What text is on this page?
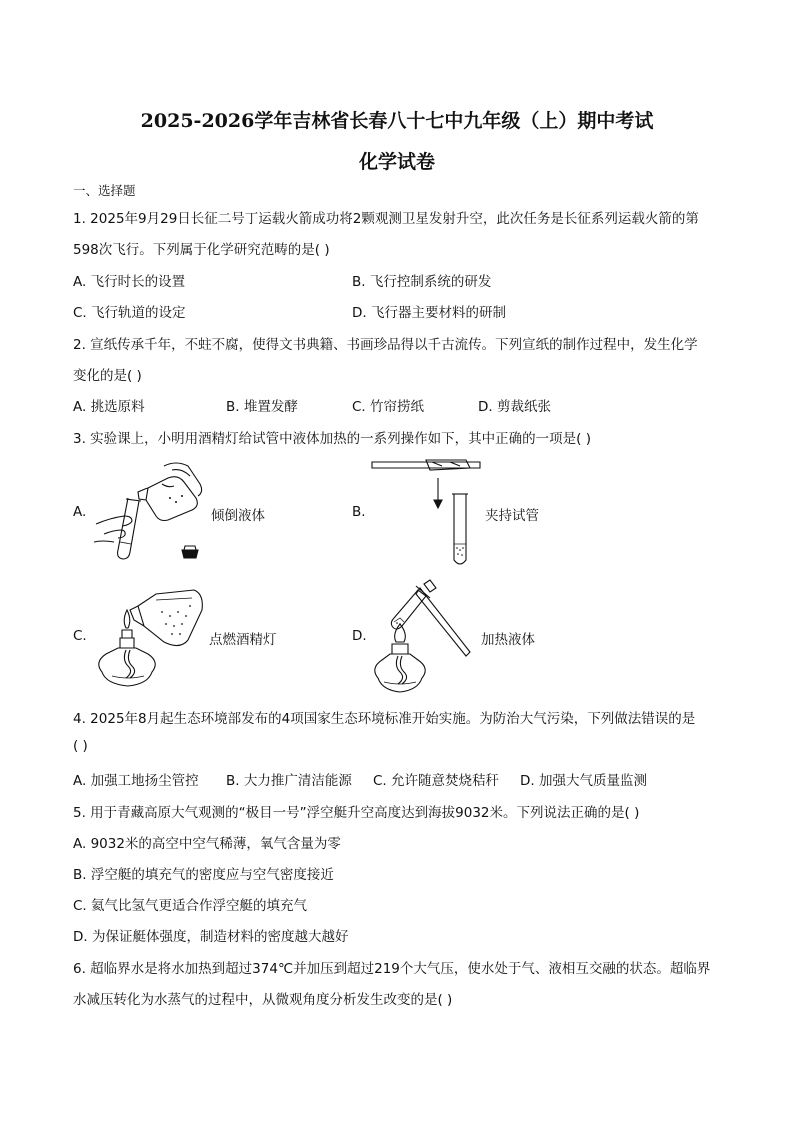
2025-2026学年吉林省长春八十七中九年级（上）期中考试
化学试卷
一、选择题
1. 2025年9月29日长征二号丁运载火箭成功将2颗观测卫星发射升空，此次任务是长征系列运载火箭的第
598次飞行。下列属于化学研究范畴的是( )
A. 飞行时长的设置	B. 飞行控制系统的研发
C. 飞行轨道的设定	D. 飞行器主要材料的研制
2. 宣纸传承千年，不蛀不腐，使得文书典籍、书画珍品得以千古流传。下列宣纸的制作过程中，发生化学
变化的是( )
A. 挑选原料	B. 堆置发酵	C. 竹帘捞纸	D. 剪裁纸张
3. 实验课上，小明用酒精灯给试管中液体加热的一系列操作如下，其中正确的一项是( )
A.	倾倒液体	B.	夹持试管
C.	点燃酒精灯	D.	加热液体
4. 2025年8月起生态环境部发布的4项国家生态环境标准开始实施。为防治大气污染，下列做法错误的是
( )
A. 加强工地扬尘管控 B. 大力推广清洁能源 C. 允许随意焚烧秸秆 D. 加强大气质量监测
5. 用于青藏高原大气观测的“极目一号”浮空艇升空高度达到海拔9032米。下列说法正确的是( )
A. 9032米的高空中空气稀薄，氧气含量为零
B. 浮空艇的填充气的密度应与空气密度接近
C. 氦气比氢气更适合作浮空艇的填充气
D. 为保证艇体强度，制造材料的密度越大越好
6. 超临界水是将水加热到超过374℃并加压到超过219个大气压，使水处于气、液相互交融的状态。超临界
水减压转化为水蒸气的过程中，从微观角度分析发生改变的是( )
